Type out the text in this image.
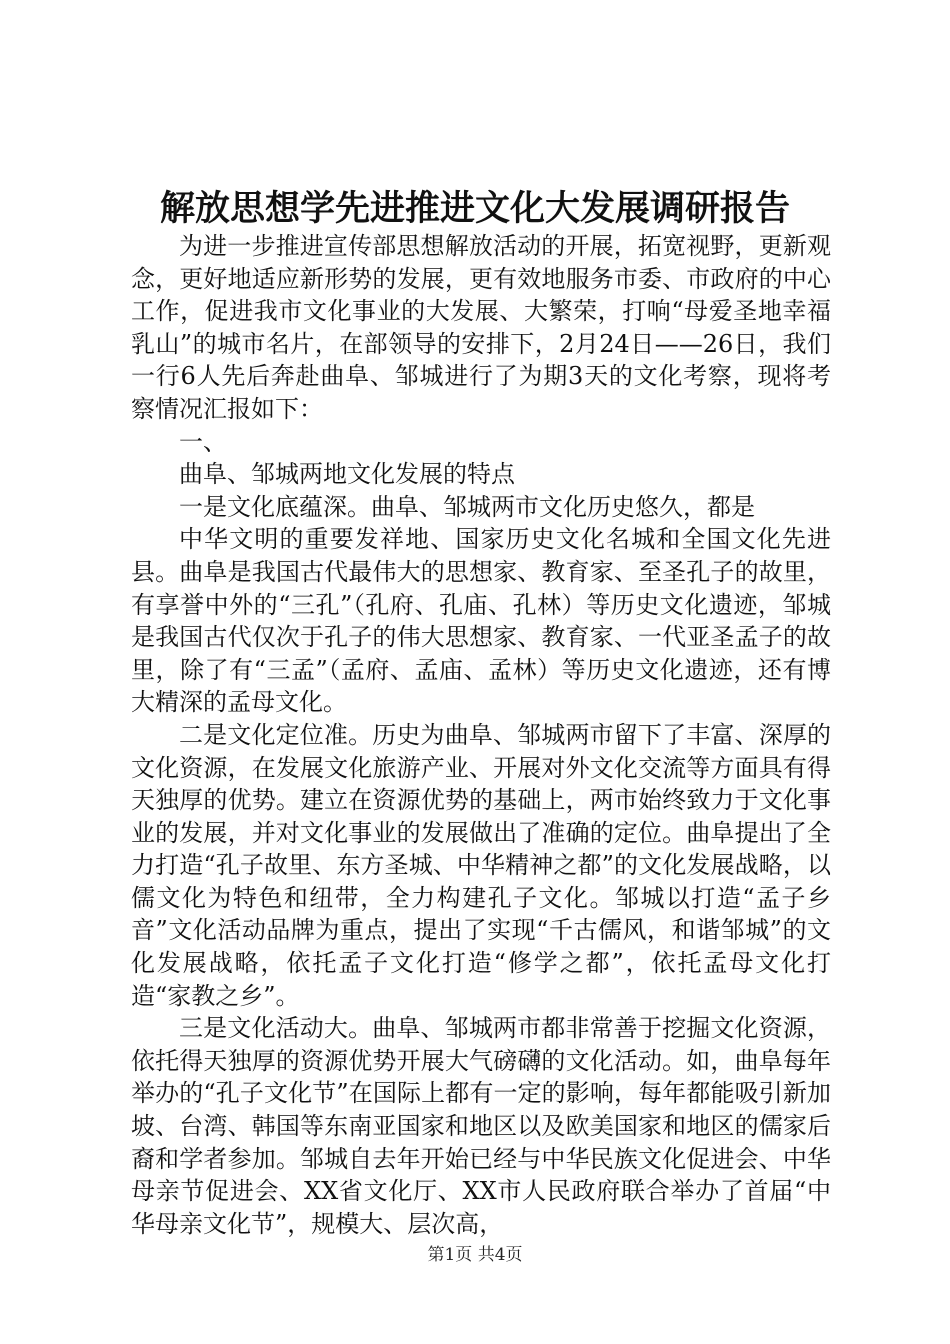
解放思想学先进推进文化大发展调研报告

为进一步推进宣传部思想解放活动的开展，拓宽视野，更新观念，更好地适应新形势的发展，更有效地服务市委、市政府的中心工作，促进我市文化事业的大发展、大繁荣，打响“母爱圣地幸福乳山”的城市名片，在部领导的安排下，2月24日——26日，我们一行6人先后奔赴曲阜、邹城进行了为期3天的文化考察，现将考察情况汇报如下：

一、

曲阜、邹城两地文化发展的特点

一是文化底蕴深。曲阜、邹城两市文化历史悠久，都是

中华文明的重要发祥地、国家历史文化名城和全国文化先进县。曲阜是我国古代最伟大的思想家、教育家、至圣孔子的故里，有享誉中外的“三孔”（孔府、孔庙、孔林）等历史文化遗迹，邹城是我国古代仅次于孔子的伟大思想家、教育家、一代亚圣孟子的故里，除了有“三孟”（孟府、孟庙、孟林）等历史文化遗迹，还有博大精深的孟母文化。

二是文化定位准。历史为曲阜、邹城两市留下了丰富、深厚的文化资源，在发展文化旅游产业、开展对外文化交流等方面具有得天独厚的优势。建立在资源优势的基础上，两市始终致力于文化事业的发展，并对文化事业的发展做出了准确的定位。曲阜提出了全力打造“孔子故里、东方圣城、中华精神之都”的文化发展战略，以儒文化为特色和纽带，全力构建孔子文化。邹城以打造“孟子乡音”文化活动品牌为重点，提出了实现“千古儒风，和谐邹城”的文化发展战略，依托孟子文化打造“修学之都”，依托孟母文化打造“家教之乡”。

三是文化活动大。曲阜、邹城两市都非常善于挖掘文化资源，依托得天独厚的资源优势开展大气磅礴的文化活动。如，曲阜每年举办的“孔子文化节”在国际上都有一定的影响，每年都能吸引新加坡、台湾、韩国等东南亚国家和地区以及欧美国家和地区的儒家后裔和学者参加。邹城自去年开始已经与中华民族文化促进会、中华母亲节促进会、XX省文化厅、XX市人民政府联合举办了首届“中华母亲文化节”，规模大、层次高，

第1页 共4页
